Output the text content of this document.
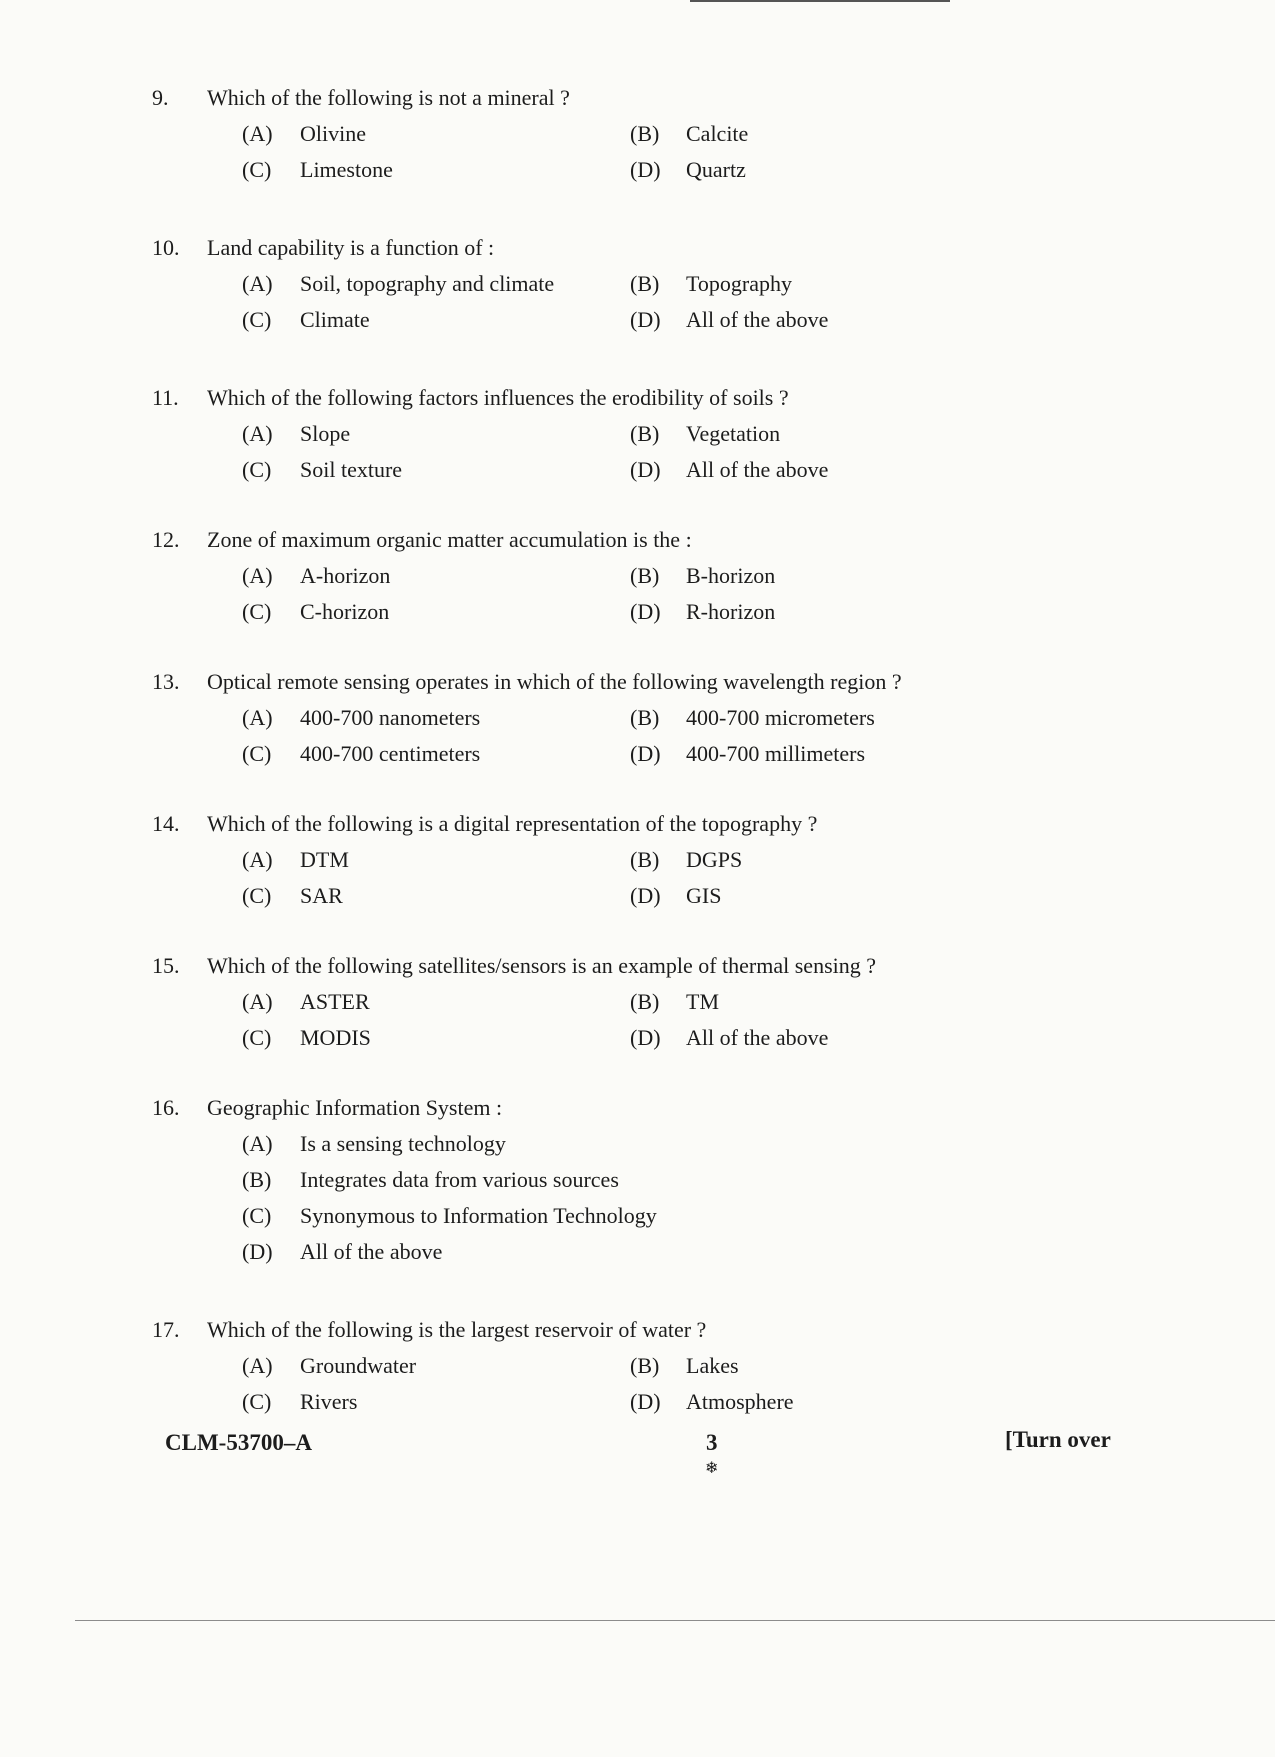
9. Which of the following is not a mineral ?
(A) Olivine	(B) Calcite
(C) Limestone	(D) Quartz
10. Land capability is a function of :
(A) Soil, topography and climate	(B) Topography
(C) Climate	(D) All of the above
11. Which of the following factors influences the erodibility of soils ?
(A) Slope	(B) Vegetation
(C) Soil texture	(D) All of the above
12. Zone of maximum organic matter accumulation is the :
(A) A-horizon	(B) B-horizon
(C) C-horizon	(D) R-horizon
13. Optical remote sensing operates in which of the following wavelength region ?
(A) 400-700 nanometers	(B) 400-700 micrometers
(C) 400-700 centimeters	(D) 400-700 millimeters
14. Which of the following is a digital representation of the topography ?
(A) DTM	(B) DGPS
(C) SAR	(D) GIS
15. Which of the following satellites/sensors is an example of thermal sensing ?
(A) ASTER	(B) TM
(C) MODIS	(D) All of the above
16. Geographic Information System :
(A) Is a sensing technology
(B) Integrates data from various sources
(C) Synonymous to Information Technology
(D) All of the above
17. Which of the following is the largest reservoir of water ?
(A) Groundwater	(B) Lakes
(C) Rivers	(D) Atmosphere
CLM-53700–A	3
❄
[Turn over
